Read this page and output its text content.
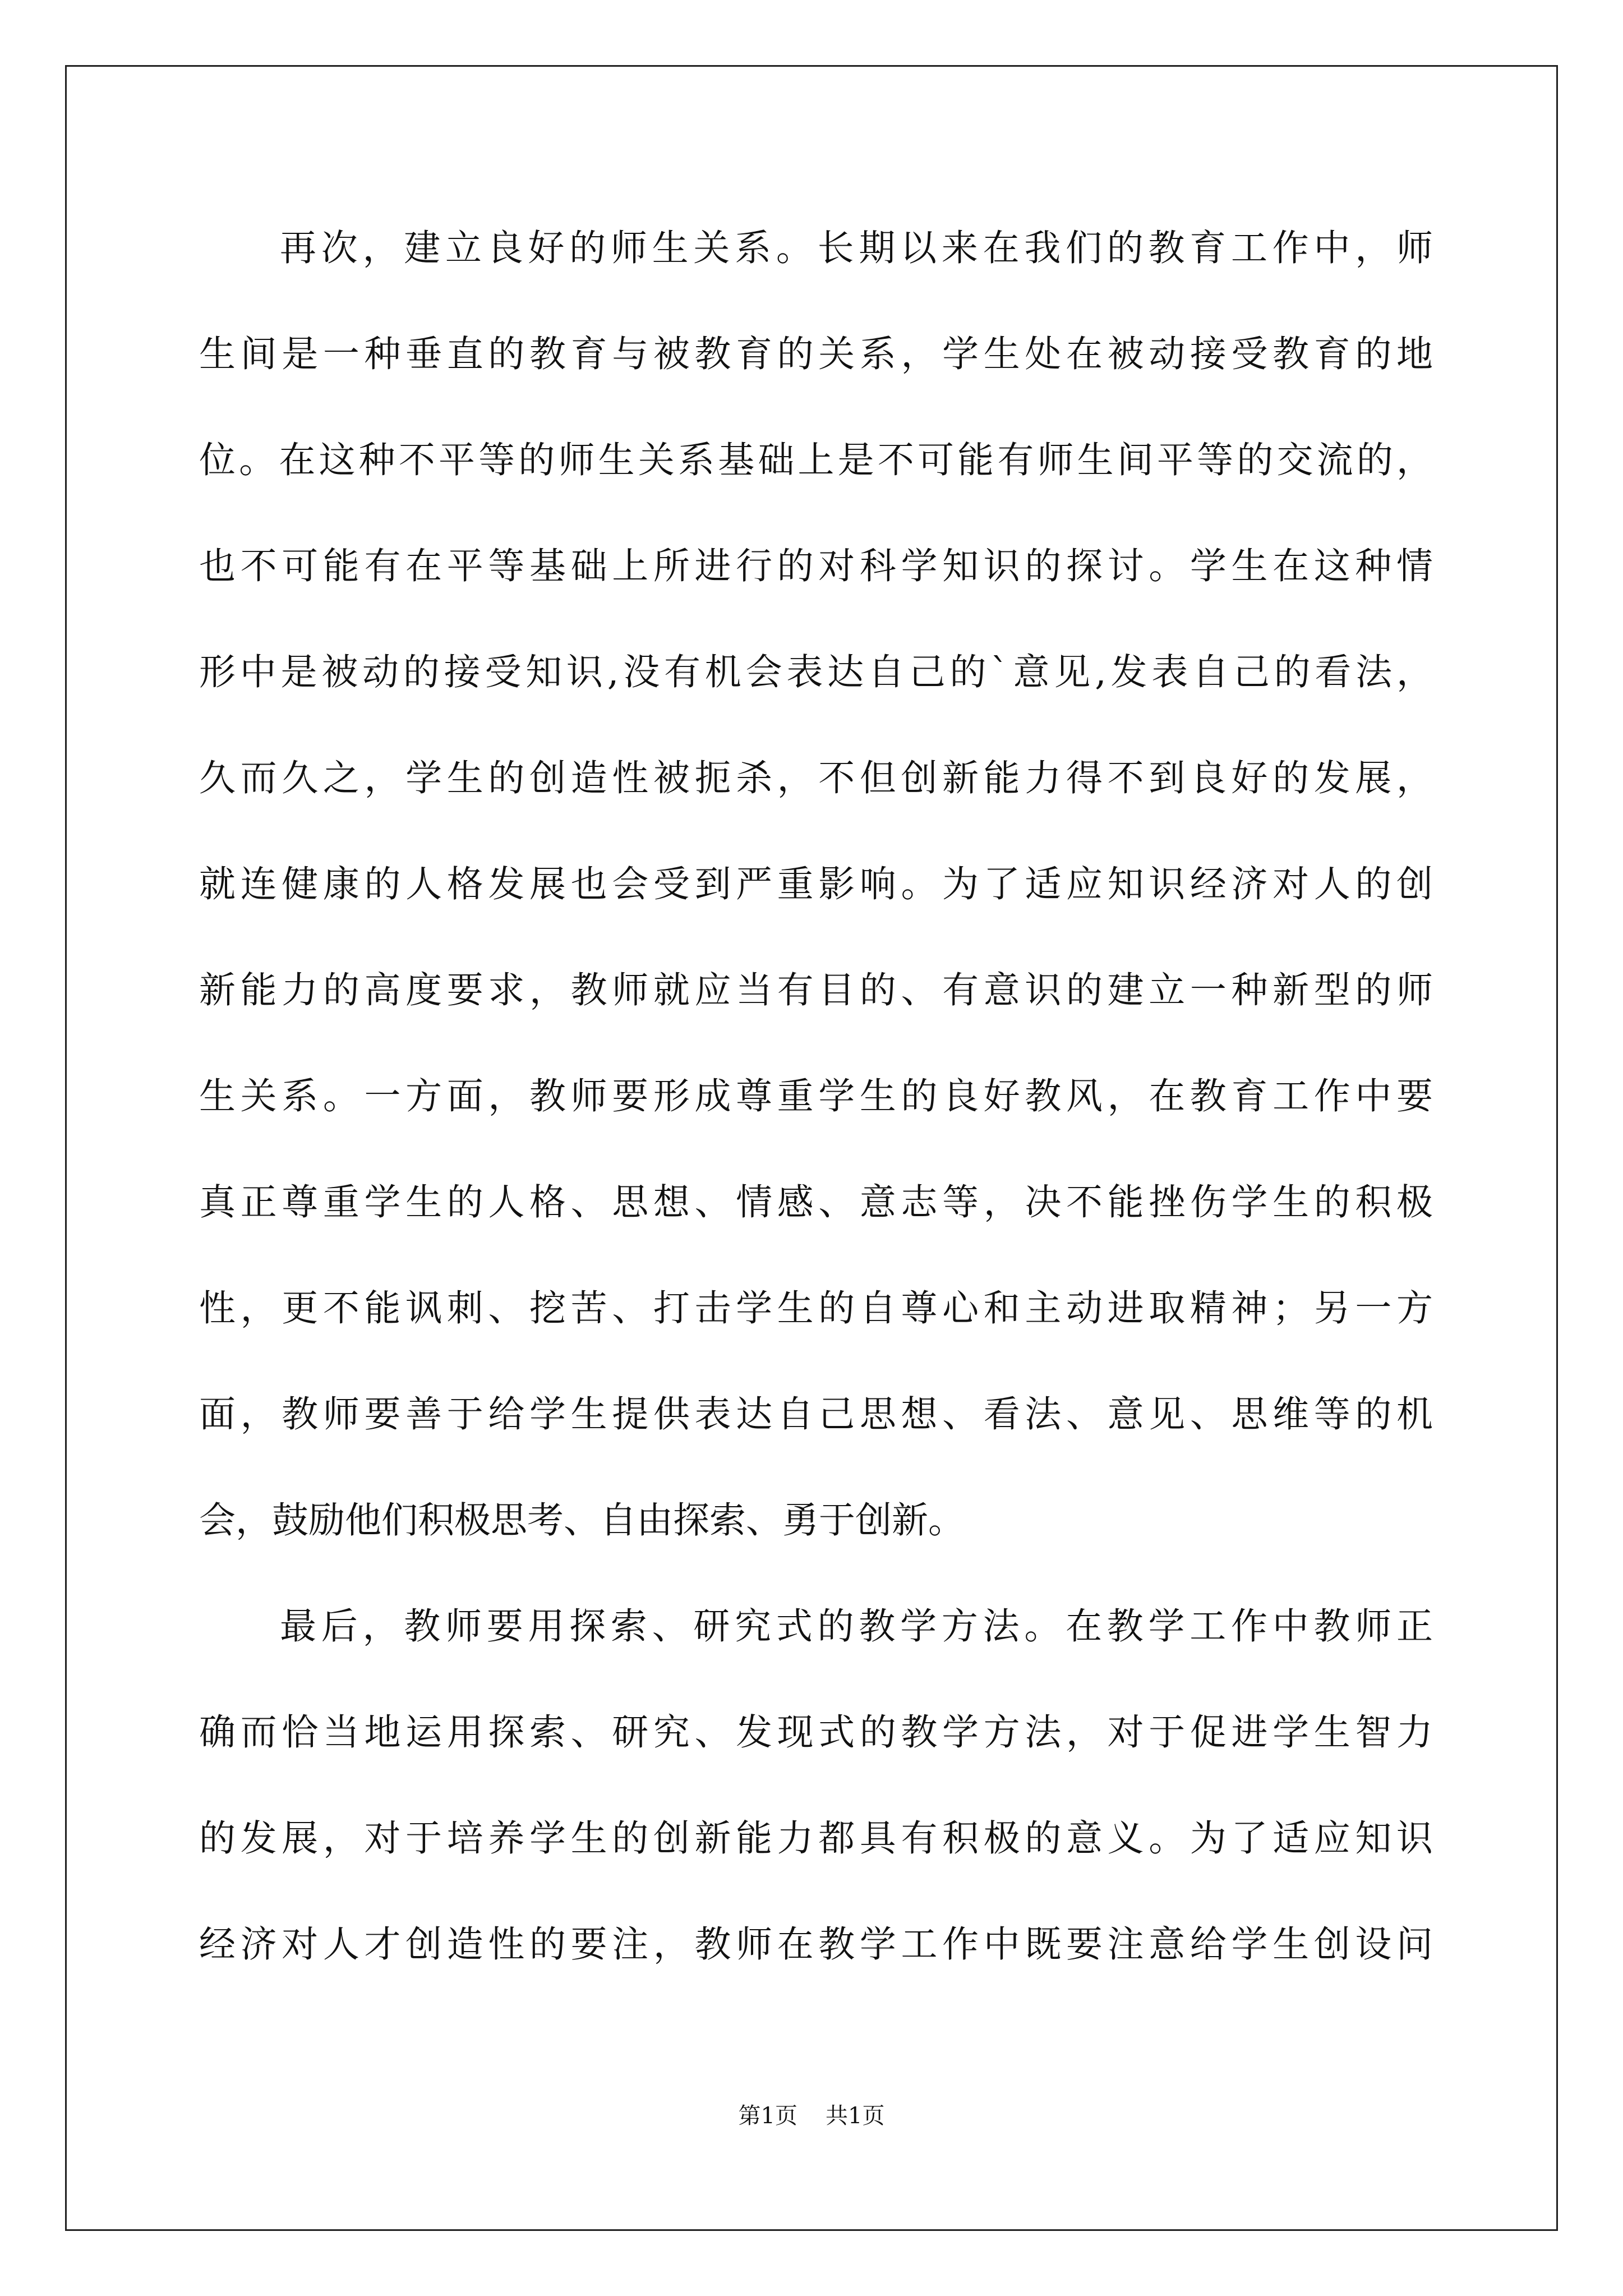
再次，建立良好的师生关系。长期以来在我们的教育工作中，师
生间是一种垂直的教育与被教育的关系，学生处在被动接受教育的地
位。在这种不平等的师生关系基础上是不可能有师生间平等的交流的，
也不可能有在平等基础上所进行的对科学知识的探讨。学生在这种情
形中是被动的接受知识,没有机会表达自己的`意见,发表自己的看法，
久而久之，学生的创造性被扼杀，不但创新能力得不到良好的发展，
就连健康的人格发展也会受到严重影响。为了适应知识经济对人的创
新能力的高度要求，教师就应当有目的、有意识的建立一种新型的师
生关系。一方面，教师要形成尊重学生的良好教风，在教育工作中要
真正尊重学生的人格、思想、情感、意志等，决不能挫伤学生的积极
性，更不能讽刺、挖苦、打击学生的自尊心和主动进取精神；另一方
面，教师要善于给学生提供表达自己思想、看法、意见、思维等的机
会，鼓励他们积极思考、自由探索、勇于创新。
最后，教师要用探索、研究式的教学方法。在教学工作中教师正
确而恰当地运用探索、研究、发现式的教学方法，对于促进学生智力
的发展，对于培养学生的创新能力都具有积极的意义。为了适应知识
经济对人才创造性的要注，教师在教学工作中既要注意给学生创设问
第1页 共1页
